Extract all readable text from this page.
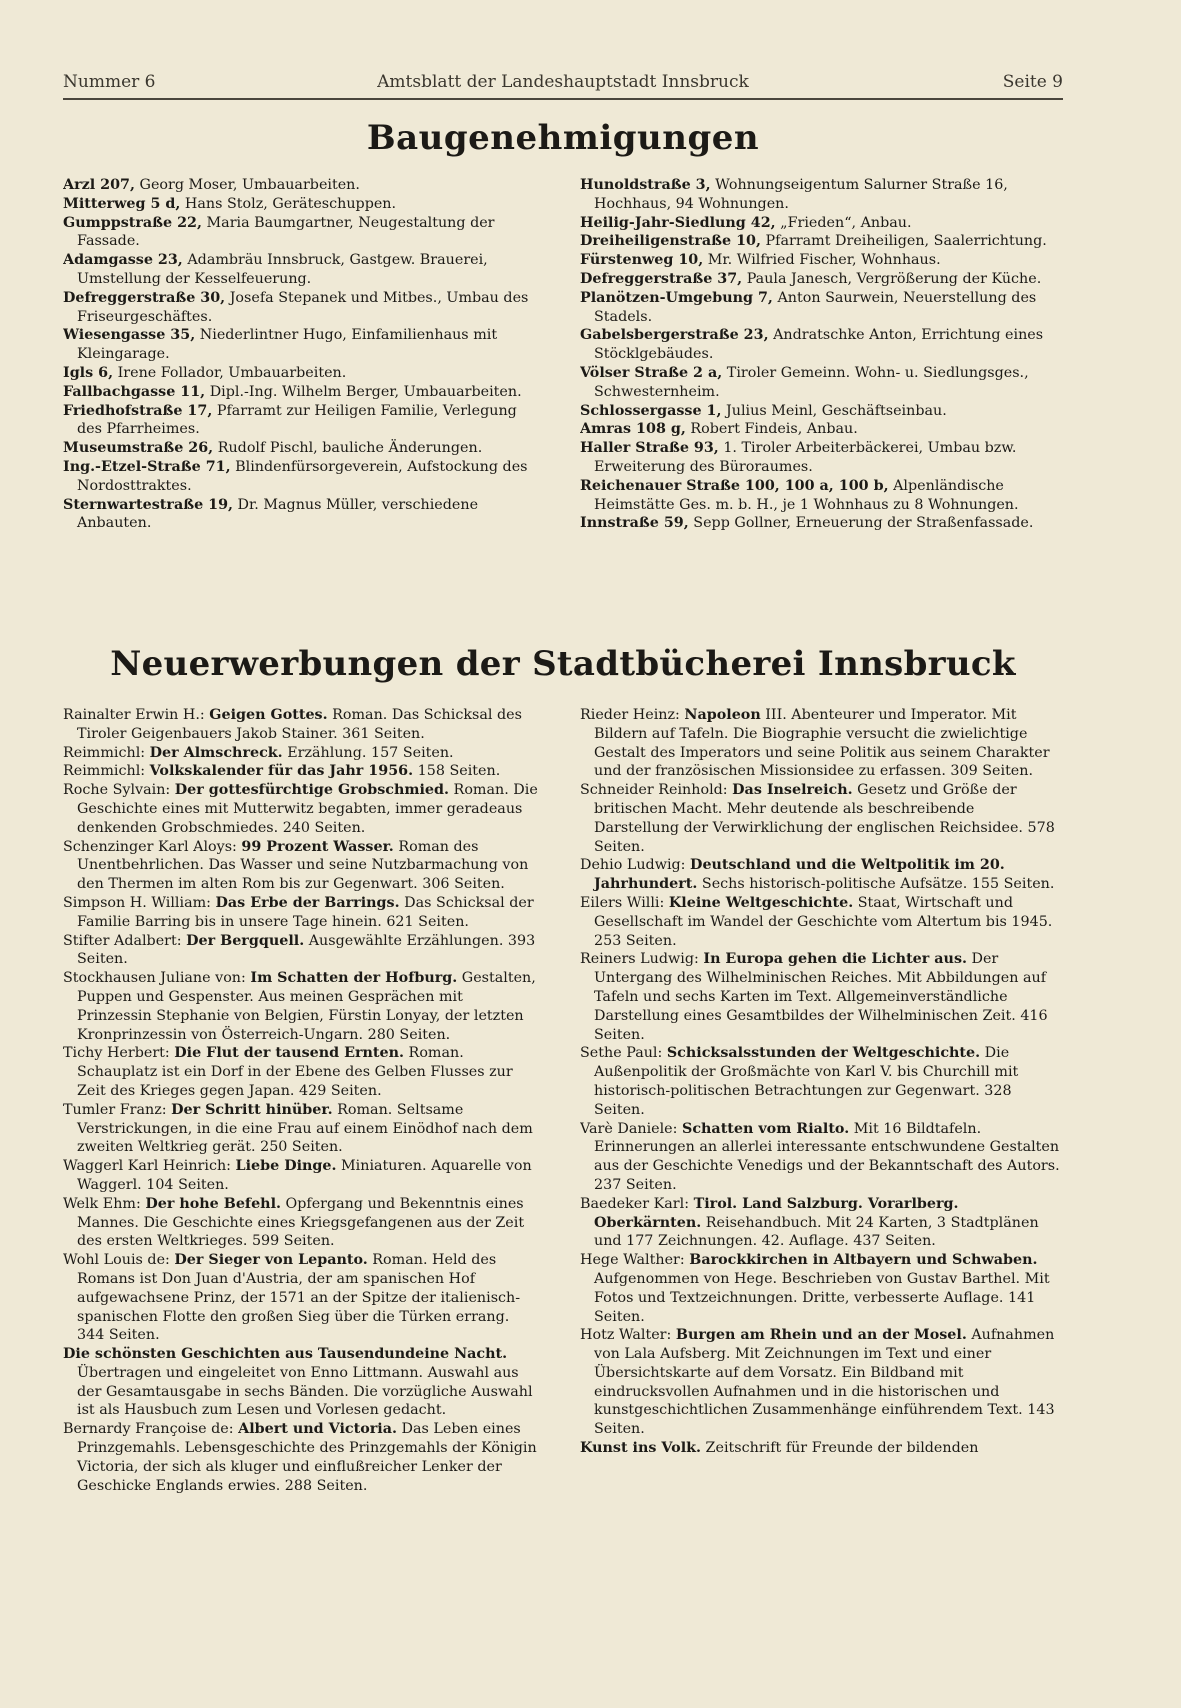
Nummer 6	Amtsblatt der Landeshauptstadt Innsbruck	Seite 9
Baugenehmigungen

Arzl 207, Georg Moser, Umbauarbeiten.

Mitterweg 5 d, Hans Stolz, Geräteschuppen.

Gumppstraße 22, Maria Baumgartner, Neugestaltung der Fassade.

Adamgasse 23, Adambräu Innsbruck, Gastgew. Brauerei, Umstellung der Kesselfeuerung.

Defreggerstraße 30, Josefa Stepanek und Mitbes., Umbau des Friseurgeschäftes.

Wiesengasse 35, Niederlintner Hugo, Einfamilienhaus mit Kleingarage.

Igls 6, Irene Follador, Umbauarbeiten.

Fallbachgasse 11, Dipl.-Ing. Wilhelm Berger, Umbauarbeiten.

Friedhofstraße 17, Pfarramt zur Heiligen Familie, Verlegung des Pfarrheimes.

Museumstraße 26, Rudolf Pischl, bauliche Änderungen.

Ing.-Etzel-Straße 71, Blindenfürsorgeverein, Aufstockung des Nordosttraktes.

Sternwartestraße 19, Dr. Magnus Müller, verschiedene Anbauten.

Hunoldstraße 3, Wohnungseigentum Salurner Straße 16, Hochhaus, 94 Wohnungen.

Heilig-Jahr-Siedlung 42, „Frieden“, Anbau.

Dreiheiligenstraße 10, Pfarramt Dreiheiligen, Saalerrichtung.

Fürstenweg 10, Mr. Wilfried Fischer, Wohnhaus.

Defreggerstraße 37, Paula Janesch, Vergrößerung der Küche.

Planötzen-Umgebung 7, Anton Saurwein, Neuerstellung des Stadels.

Gabelsbergerstraße 23, Andratschke Anton, Errichtung eines Stöcklgebäudes.

Völser Straße 2 a, Tiroler Gemeinn. Wohn- u. Siedlungsges., Schwesternheim.

Schlossergasse 1, Julius Meinl, Geschäftseinbau.

Amras 108 g, Robert Findeis, Anbau.

Haller Straße 93, 1. Tiroler Arbeiterbäckerei, Umbau bzw. Erweiterung des Büroraumes.

Reichenauer Straße 100, 100 a, 100 b, Alpenländische Heimstätte Ges. m. b. H., je 1 Wohnhaus zu 8 Wohnungen.

Innstraße 59, Sepp Gollner, Erneuerung der Straßenfassade.

Neuerwerbungen der Stadtbücherei Innsbruck

Rainalter Erwin H.: Geigen Gottes. Roman. Das Schicksal des Tiroler Geigenbauers Jakob Stainer. 361 Seiten.

Reimmichl: Der Almschreck. Erzählung. 157 Seiten.

Reimmichl: Volkskalender für das Jahr 1956. 158 Seiten.

Roche Sylvain: Der gottesfürchtige Grobschmied. Roman. Die Geschichte eines mit Mutterwitz begabten, immer geradeaus denkenden Grobschmiedes. 240 Seiten.

Schenzinger Karl Aloys: 99 Prozent Wasser. Roman des Unentbehrlichen. Das Wasser und seine Nutzbarmachung von den Thermen im alten Rom bis zur Gegenwart. 306 Seiten.

Simpson H. William: Das Erbe der Barrings. Das Schicksal der Familie Barring bis in unsere Tage hinein. 621 Seiten.

Stifter Adalbert: Der Bergquell. Ausgewählte Erzählungen. 393 Seiten.

Stockhausen Juliane von: Im Schatten der Hofburg. Gestalten, Puppen und Gespenster. Aus meinen Gesprächen mit Prinzessin Stephanie von Belgien, Fürstin Lonyay, der letzten Kronprinzessin von Österreich-Ungarn. 280 Seiten.

Tichy Herbert: Die Flut der tausend Ernten. Roman. Schauplatz ist ein Dorf in der Ebene des Gelben Flusses zur Zeit des Krieges gegen Japan. 429 Seiten.

Tumler Franz: Der Schritt hinüber. Roman. Seltsame Verstrickungen, in die eine Frau auf einem Einödhof nach dem zweiten Weltkrieg gerät. 250 Seiten.

Waggerl Karl Heinrich: Liebe Dinge. Miniaturen. Aquarelle von Waggerl. 104 Seiten.

Welk Ehm: Der hohe Befehl. Opfergang und Bekenntnis eines Mannes. Die Geschichte eines Kriegsgefangenen aus der Zeit des ersten Weltkrieges. 599 Seiten.

Wohl Louis de: Der Sieger von Lepanto. Roman. Held des Romans ist Don Juan d'Austria, der am spanischen Hof aufgewachsene Prinz, der 1571 an der Spitze der italienisch-spanischen Flotte den großen Sieg über die Türken errang. 344 Seiten.

Die schönsten Geschichten aus Tausendundeine Nacht. Übertragen und eingeleitet von Enno Littmann. Auswahl aus der Gesamtausgabe in sechs Bänden. Die vorzügliche Auswahl ist als Hausbuch zum Lesen und Vorlesen gedacht.

Bernardy Françoise de: Albert und Victoria. Das Leben eines Prinzgemahls. Lebensgeschichte des Prinzgemahls der Königin Victoria, der sich als kluger und einflußreicher Lenker der Geschicke Englands erwies. 288 Seiten.

Rieder Heinz: Napoleon III. Abenteurer und Imperator. Mit Bildern auf Tafeln. Die Biographie versucht die zwielichtige Gestalt des Imperators und seine Politik aus seinem Charakter und der französischen Missionsidee zu erfassen. 309 Seiten.

Schneider Reinhold: Das Inselreich. Gesetz und Größe der britischen Macht. Mehr deutende als beschreibende Darstellung der Verwirklichung der englischen Reichsidee. 578 Seiten.

Dehio Ludwig: Deutschland und die Weltpolitik im 20. Jahrhundert. Sechs historisch-politische Aufsätze. 155 Seiten.

Eilers Willi: Kleine Weltgeschichte. Staat, Wirtschaft und Gesellschaft im Wandel der Geschichte vom Altertum bis 1945. 253 Seiten.

Reiners Ludwig: In Europa gehen die Lichter aus. Der Untergang des Wilhelminischen Reiches. Mit Abbildungen auf Tafeln und sechs Karten im Text. Allgemeinverständliche Darstellung eines Gesamtbildes der Wilhelminischen Zeit. 416 Seiten.

Sethe Paul: Schicksalsstunden der Weltgeschichte. Die Außenpolitik der Großmächte von Karl V. bis Churchill mit historisch-politischen Betrachtungen zur Gegenwart. 328 Seiten.

Varè Daniele: Schatten vom Rialto. Mit 16 Bildtafeln. Erinnerungen an allerlei interessante entschwundene Gestalten aus der Geschichte Venedigs und der Bekanntschaft des Autors. 237 Seiten.

Baedeker Karl: Tirol. Land Salzburg. Vorarlberg. Oberkärnten. Reisehandbuch. Mit 24 Karten, 3 Stadtplänen und 177 Zeichnungen. 42. Auflage. 437 Seiten.

Hege Walther: Barockkirchen in Altbayern und Schwaben. Aufgenommen von Hege. Beschrieben von Gustav Barthel. Mit Fotos und Textzeichnungen. Dritte, verbesserte Auflage. 141 Seiten.

Hotz Walter: Burgen am Rhein und an der Mosel. Aufnahmen von Lala Aufsberg. Mit Zeichnungen im Text und einer Übersichtskarte auf dem Vorsatz. Ein Bildband mit eindrucksvollen Aufnahmen und in die historischen und kunstgeschichtlichen Zusammenhänge einführendem Text. 143 Seiten.

Kunst ins Volk. Zeitschrift für Freunde der bildenden
